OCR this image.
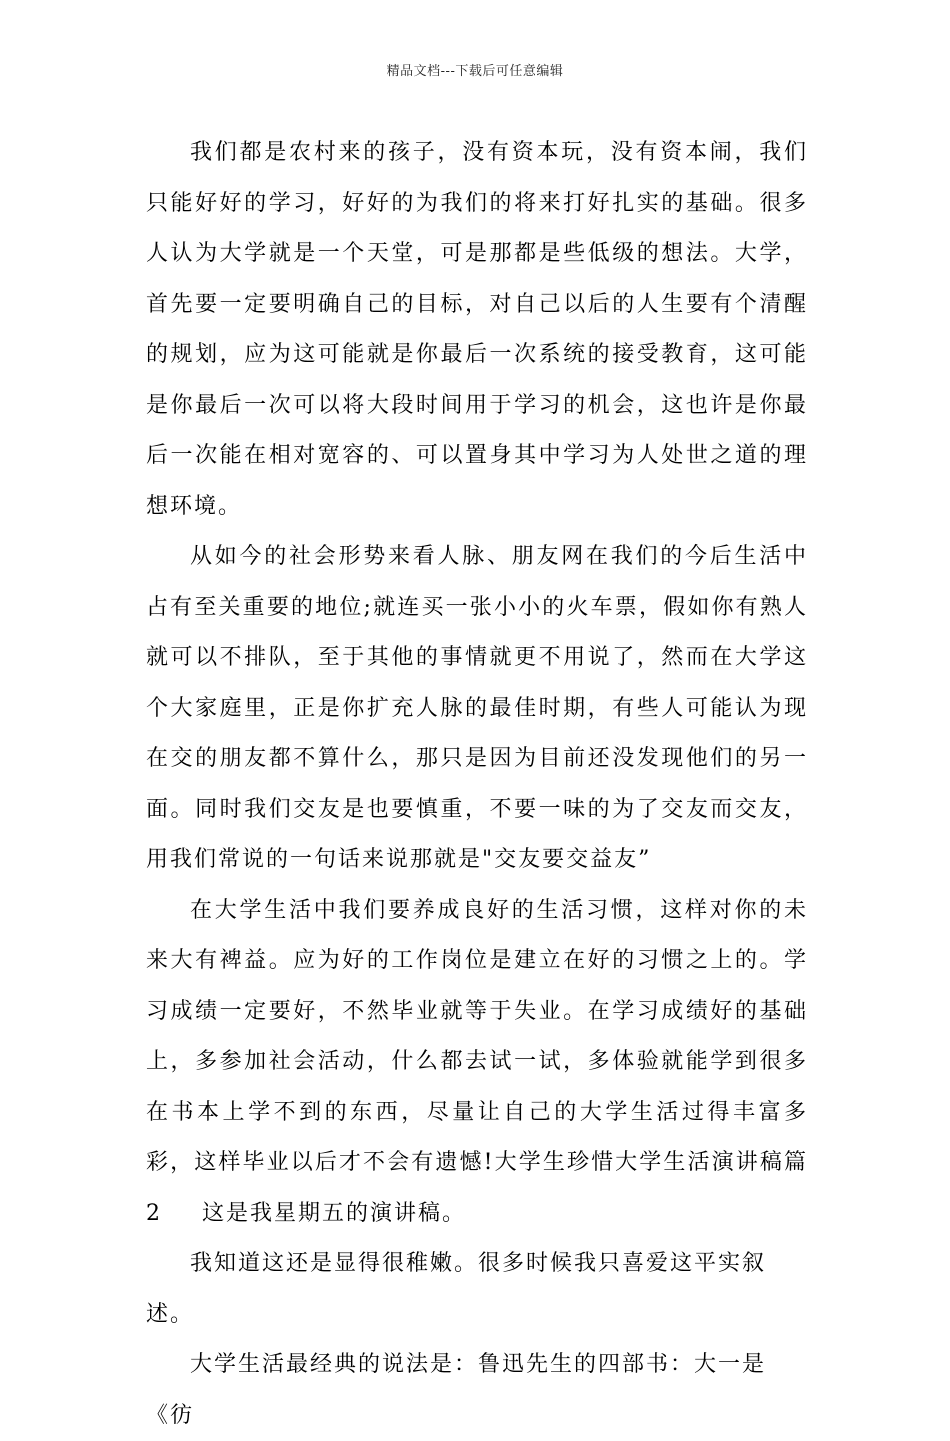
精品文档---下载后可任意编辑

我们都是农村来的孩子，没有资本玩，没有资本闹，我们只能好好的学习，好好的为我们的将来打好扎实的基础。很多人认为大学就是一个天堂，可是那都是些低级的想法。大学，首先要一定要明确自己的目标，对自己以后的人生要有个清醒的规划，应为这可能就是你最后一次系统的接受教育，这可能是你最后一次可以将大段时间用于学习的机会，这也许是你最后一次能在相对宽容的、可以置身其中学习为人处世之道的理想环境。

从如今的社会形势来看人脉、朋友网在我们的今后生活中占有至关重要的地位;就连买一张小小的火车票，假如你有熟人就可以不排队，至于其他的事情就更不用说了，然而在大学这个大家庭里，正是你扩充人脉的最佳时期，有些人可能认为现在交的朋友都不算什么，那只是因为目前还没发现他们的另一面。同时我们交友是也要慎重，不要一味的为了交友而交友，用我们常说的一句话来说那就是"交友要交益友”

在大学生活中我们要养成良好的生活习惯，这样对你的未来大有裨益。应为好的工作岗位是建立在好的习惯之上的。学习成绩一定要好，不然毕业就等于失业。在学习成绩好的基础上，多参加社会活动，什么都去试一试，多体验就能学到很多在书本上学不到的东西，尽量让自己的大学生活过得丰富多彩，这样毕业以后才不会有遗憾!大学生珍惜大学生活演讲稿篇2 这是我星期五的演讲稿。

我知道这还是显得很稚嫩。很多时候我只喜爱这平实叙述。

大学生活最经典的说法是：鲁迅先生的四部书：大一是《彷
